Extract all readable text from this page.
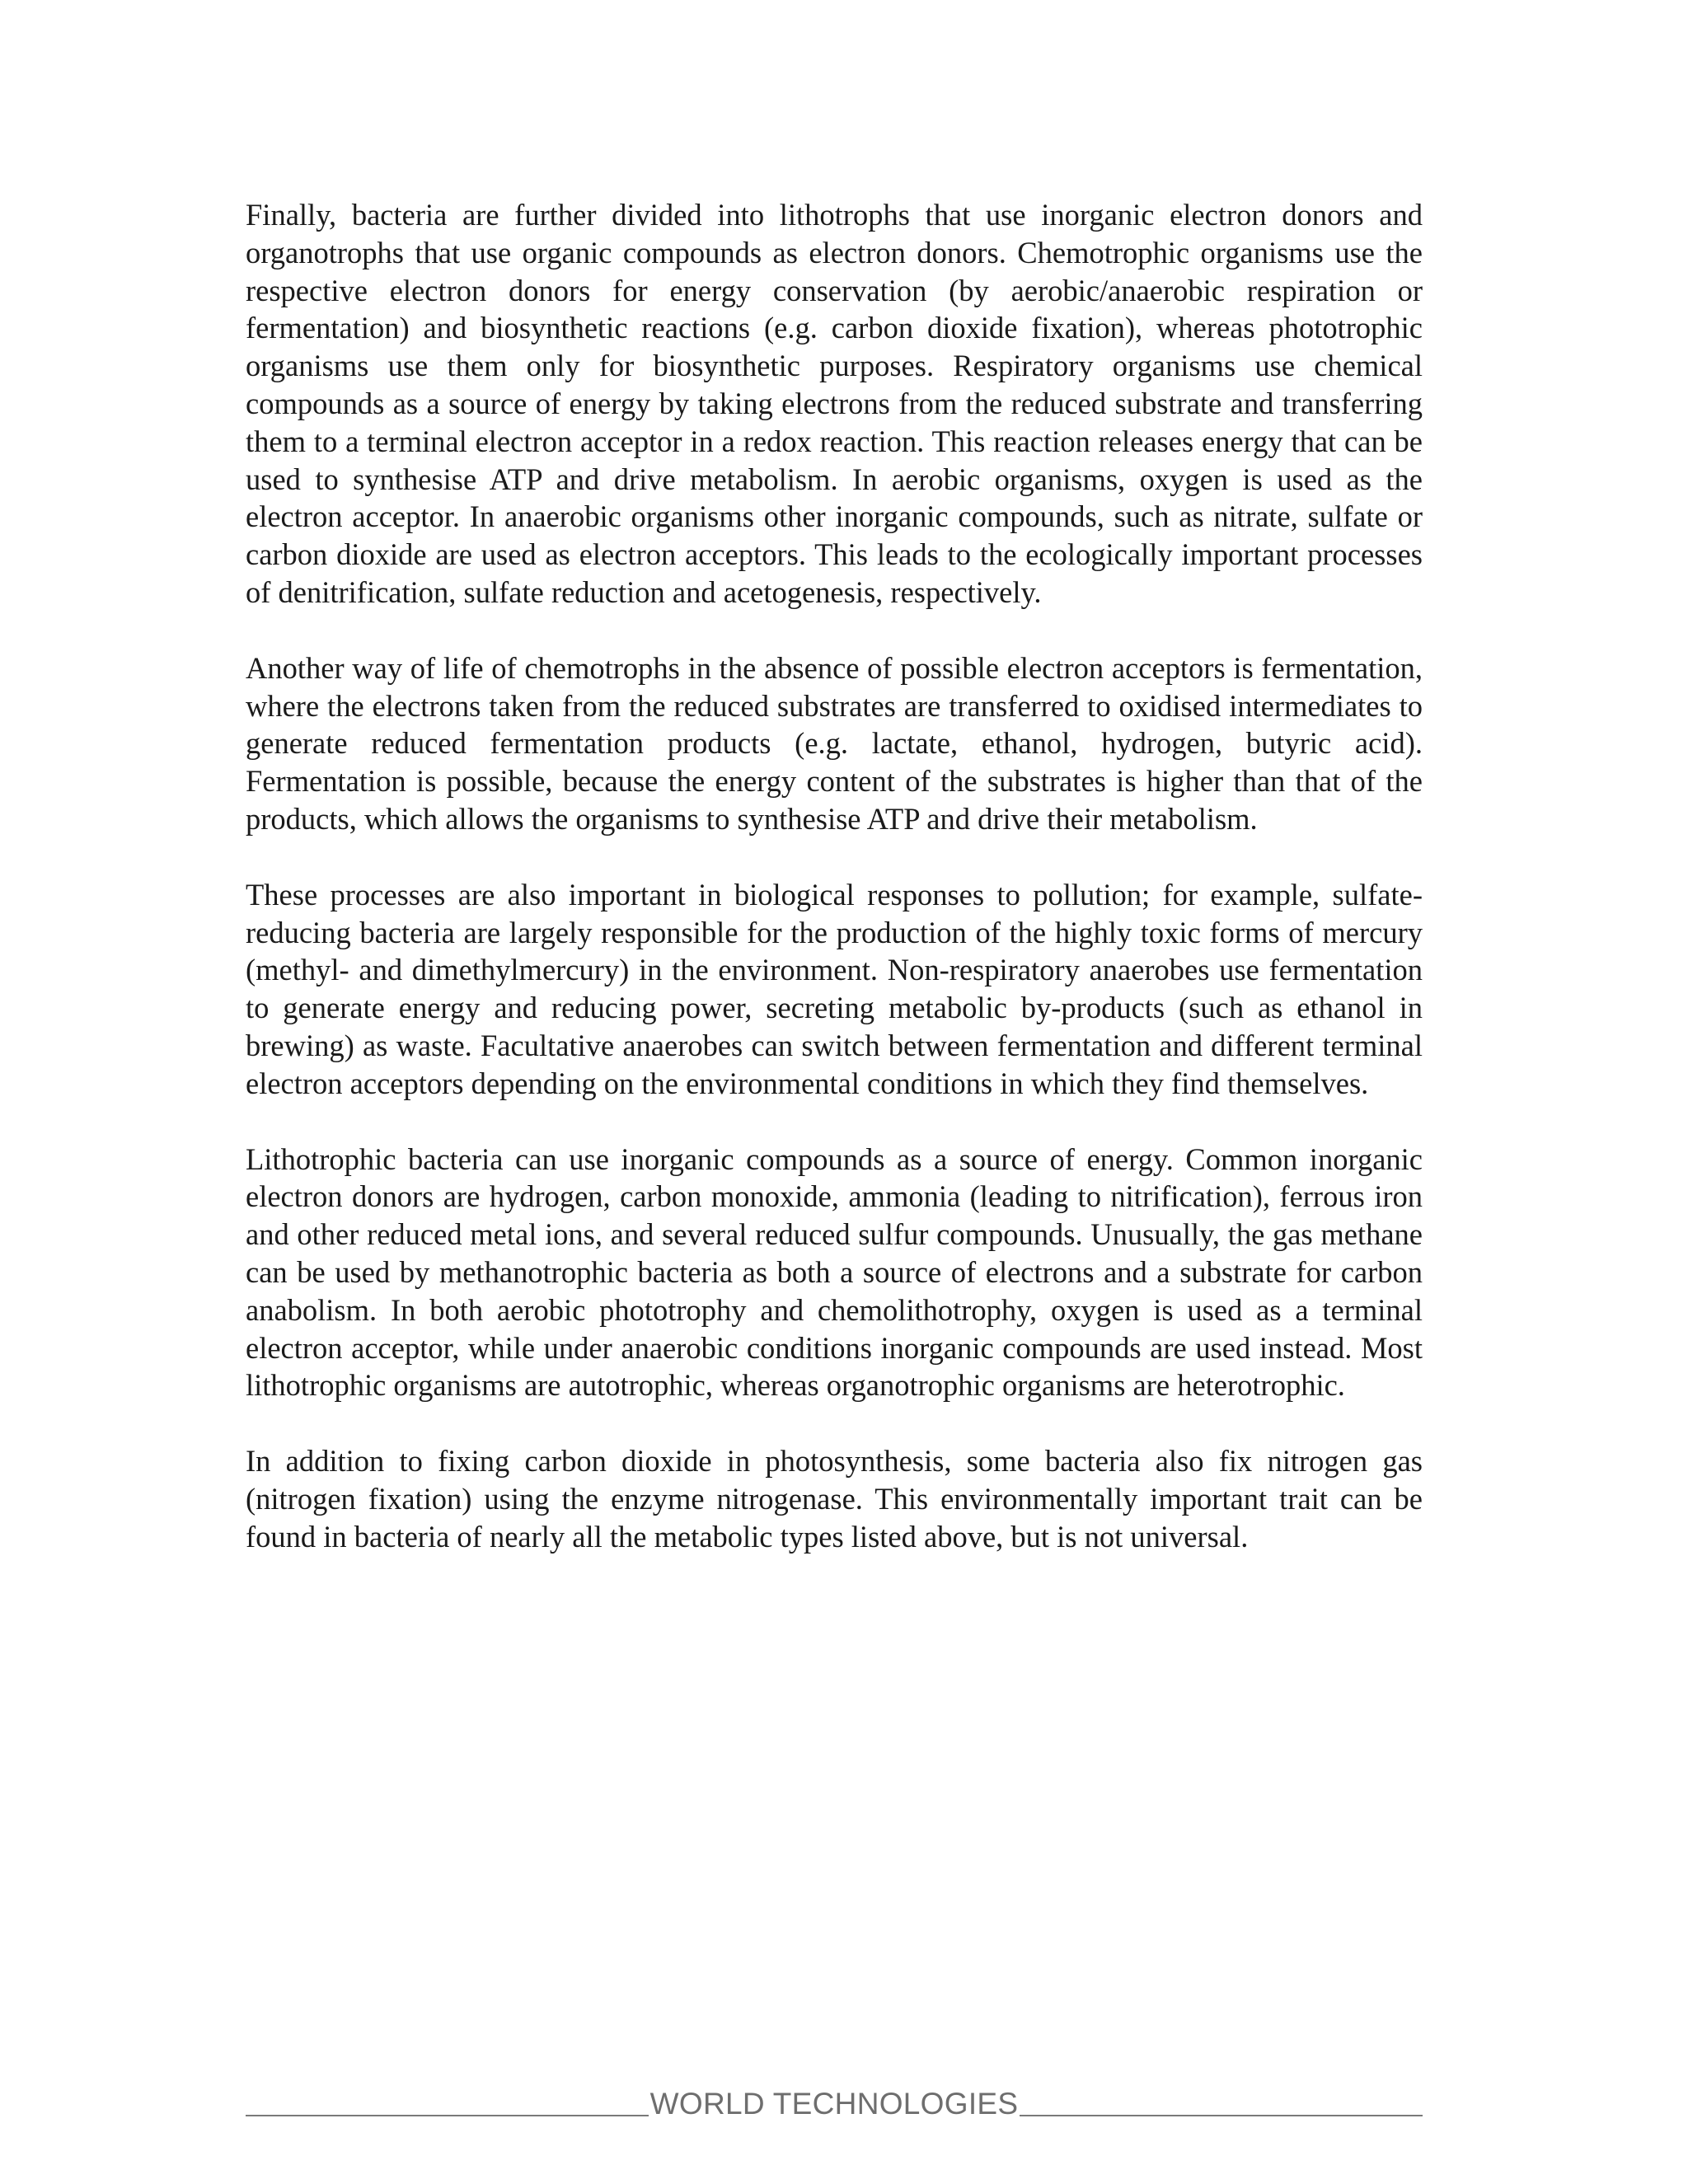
Finally, bacteria are further divided into lithotrophs that use inorganic electron donors and organotrophs that use organic compounds as electron donors. Chemotrophic organisms use the respective electron donors for energy conservation (by aerobic/anaerobic respiration or fermentation) and biosynthetic reactions (e.g. carbon dioxide fixation), whereas phototrophic organisms use them only for biosynthetic purposes. Respiratory organisms use chemical compounds as a source of energy by taking electrons from the reduced substrate and transferring them to a terminal electron acceptor in a redox reaction. This reaction releases energy that can be used to synthesise ATP and drive metabolism. In aerobic organisms, oxygen is used as the electron acceptor. In anaerobic organisms other inorganic compounds, such as nitrate, sulfate or carbon dioxide are used as electron acceptors. This leads to the ecologically important processes of denitrification, sulfate reduction and acetogenesis, respectively.

Another way of life of chemotrophs in the absence of possible electron acceptors is fermentation, where the electrons taken from the reduced substrates are transferred to oxidised intermediates to generate reduced fermentation products (e.g. lactate, ethanol, hydrogen, butyric acid). Fermentation is possible, because the energy content of the substrates is higher than that of the products, which allows the organisms to synthesise ATP and drive their metabolism.

These processes are also important in biological responses to pollution; for example, sulfate-reducing bacteria are largely responsible for the production of the highly toxic forms of mercury (methyl- and dimethylmercury) in the environment. Non-respiratory anaerobes use fermentation to generate energy and reducing power, secreting metabolic by-products (such as ethanol in brewing) as waste. Facultative anaerobes can switch between fermentation and different terminal electron acceptors depending on the environmental conditions in which they find themselves.

Lithotrophic bacteria can use inorganic compounds as a source of energy. Common inorganic electron donors are hydrogen, carbon monoxide, ammonia (leading to nitrification), ferrous iron and other reduced metal ions, and several reduced sulfur compounds. Unusually, the gas methane can be used by methanotrophic bacteria as both a source of electrons and a substrate for carbon anabolism. In both aerobic phototrophy and chemolithotrophy, oxygen is used as a terminal electron acceptor, while under anaerobic conditions inorganic compounds are used instead. Most lithotrophic organisms are autotrophic, whereas organotrophic organisms are heterotrophic.

In addition to fixing carbon dioxide in photosynthesis, some bacteria also fix nitrogen gas (nitrogen fixation) using the enzyme nitrogenase. This environmentally important trait can be found in bacteria of nearly all the metabolic types listed above, but is not universal.

WORLD TECHNOLOGIES
